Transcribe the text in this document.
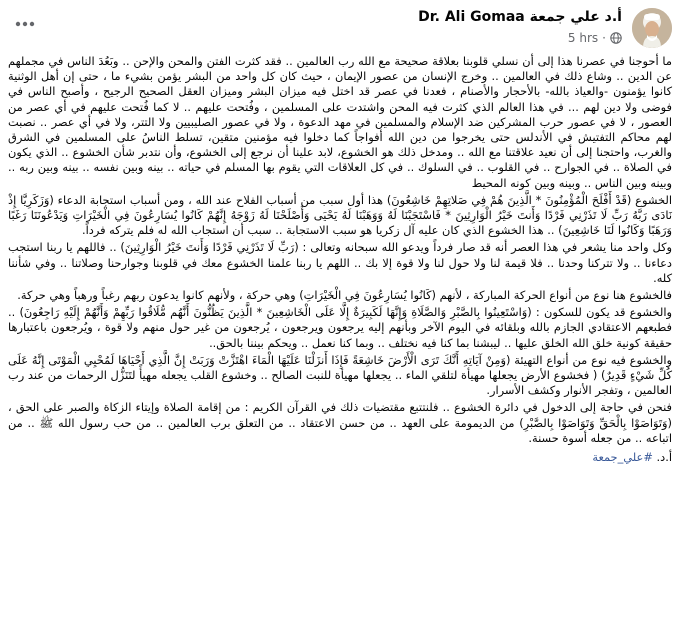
Dr. Ali Gomaa أ.د علي جمعة
5 hrs ·

ما أحوجنا في عصرنا هذا إلى أن نسلي قلوبنا بعلاقة صحيحة مع الله رب العالمين .. فقد كثرت الفتن والمحن والإحن .. وبَعُدَ الناس في مجملهم عن الدين .. وشاع ذلك في العالمين .. وخرج الإنسان من عصور الإيمان ، حيث كان كل واحد من البشر يؤمن بشيء ما ، حتى إن أهل الوثنية كانوا يؤمنون -والعياذ بالله- بالأحجار والأصنام ، فعدنا في عصر قد اختل فيه ميزان البشر وميزان العقل الصحيح الرجيح ، وأصبح الناس في فوضى ولا دين لهم ... في هذا العالم الذي كثرت فيه المحن واشتدت على المسلمين ، وفُتحت عليهم .. لا كما فُتحت عليهم في أي عصر من العصور ، لا في عصور حرب المشركين ضد الإسلام والمسلمين في مهد الدعوة ، ولا في عصور الصليبيين ولا التتر، ولا في أي عصر .. نصبت لهم محاكم التفتيش في الأندلس حتى يخرجوا من دين الله أفواجاً كما دخلوا فيه مؤمنين متقين، تسلط الناسُ على المسلمين في الشرق والغرب، واحتجنا إلى أن نعيد علاقتنا مع الله .. ومدخل ذلك هو الخشوع، لابد علينا أن نرجع إلى الخشوع، وأن نتدبر شأن الخشوع .. الذي يكون في الصلاة .. في الجوارح .. في القلوب .. في السلوك .. في كل العلاقات التي يقوم بها المسلم في حياته .. بينه وبين نفسه .. بينه وبين ربه .. وبينه وبين الناس .. وبينه وبين كونه المحيط

الخشوع (قَدْ أَفْلَحَ الْمُؤْمِنُونَ * الَّذِينَ هُمْ فِي صَلاتِهِمْ خَاشِعُونَ) هذا أول سبب من أسباب الفلاح عند الله ، ومن أسباب استجابة الدعاء (وَزَكَرِيَّا إِذْ نَادَى رَبَّهُ رَبِّ لَا تَذَرْنِي فَرْدًا وَأَنتَ خَيْرُ الْوَارِثِينَ * فَاسْتَجَبْنَا لَهُ وَوَهَبْنَا لَهُ يَحْيَى وَأَصْلَحْنَا لَهُ زَوْجَهُ إِنَّهُمْ كَانُوا يُسَارِعُونَ فِي الْخَيْرَاتِ وَيَدْعُونَنَا رَغَبًا وَرَهَبًا وَكَانُوا لَنَا خَاشِعِينَ) .. هذا الخشوع الذي كان عليه آل زكريا هو سبب الاستجابة .. سبب أن استجاب الله له فلم يتركه فرداً.

وكل واحد منا يشعر في هذا العصر أنه قد صار فرداً ويدعو الله سبحانه وتعالى : (رَبِّ لَا تَذَرْنِي فَرْدًا وَأَنتَ خَيْرُ الْوَارِثِينَ) .. فاللهم يا ربنا استجب دعاءنا .. ولا تتركنا وحدنا .. فلا قيمة لنا ولا حول لنا ولا قوة إلا بك .. اللهم يا ربنا علمنا الخشوع معك في قلوبنا وجوارحنا وصلاتنا .. وفي شأننا كله.

فالخشوع هنا نوع من أنواع الحركة المباركة ، لأنهم (كَانُوا يُسَارِعُونَ فِي الْخَيْرَاتِ) وهي حركة ، ولأنهم كانوا يدعون ربهم رغباً ورهباً وهي حركة.

والخشوع قد يكون للسكون : (وَاسْتَعِينُوا بِالصَّبْرِ وَالصَّلَاةِ وَإِنَّهَا لَكَبِيرَةٌ إِلَّا عَلَى الْخَاشِعِينَ * الَّذِينَ يَظُنُّونَ أَنَّهُم مُّلَاقُوا رَبِّهِمْ وَأَنَّهُمْ إِلَيْهِ رَاجِعُونَ) .. فطبعهم الاعتقادي الجازم بالله وبلقائه في اليوم الآخر وبأنهم إليه يرجعون ويرجعون ، يُرجعون من غير حول منهم ولا قوة ، ويُرجعون باعتبارها حقيقة كونية خلق الله الخلق عليها .. ليبشنا بما كنا فيه نختلف .. وبما كنا نعمل .. ويحكم بيننا بالحق..

والخشوع فيه نوع من أنواع التهيئة (وَمِنْ آيَاتِهِ أَنَّكَ تَرَى الْأَرْضَ خَاشِعَةً فَإِذَا أَنزَلْنَا عَلَيْهَا الْمَاءَ اهْتَزَّتْ وَرَبَتْ إِنَّ الَّذِي أَحْيَاهَا لَمُحْيِي الْمَوْتَى إِنَّهُ عَلَى كُلِّ شَيْءٍ قَدِيرٌ) ( فخشوع الأرض يجعلها مهيأة لتلقي الماء .. يجعلها مهيأة للنبت الصالح .. وخشوع القلب يجعله مهيأً لتَنَزُّل الرحمات من عند رب العالمين ، وتفجر الأنوار وكشف الأسرار.

فنحن في حاجة إلى الدخول في دائرة الخشوع .. فلنتتبع مقتضيات ذلك في القرآن الكريم : من إقامة الصلاة وإيتاء الزكاة والصبر على الحق ، (وَتَوَاصَوْا بِالْحَقِّ وَتَوَاصَوْا بِالصَّبْرِ) من الديمومة على العهد .. من حسن الاعتقاد .. من التعلق برب العالمين .. من حب رسول الله ﷺ .. من اتباعه .. من جعله أسوة حسنة.

أ.د. #علي_جمعة
